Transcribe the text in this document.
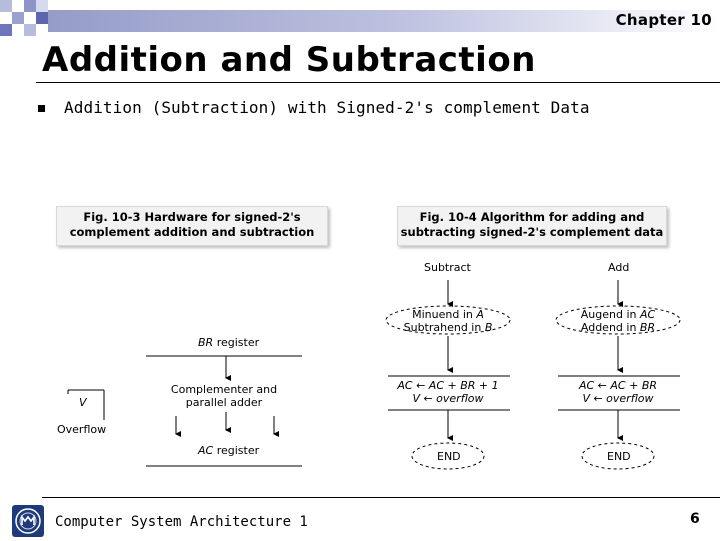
Chapter 10
Addition and Subtraction
Addition (Subtraction) with Signed-2's complement Data
Fig. 10-3 Hardware for signed-2's
complement addition and subtraction
BR register
Complementer and
parallel adder
V
Overflow
AC register
Fig. 10-4 Algorithm for adding and
subtracting signed-2's complement data
Subtract	Add
Minuend in A
Subtrahend in B
Augend in AC
Addend in BR
AC ← AC + BR + 1
V ← overflow
AC ← AC + BR
V ← overflow
END	END
Computer System Architecture 1	6
